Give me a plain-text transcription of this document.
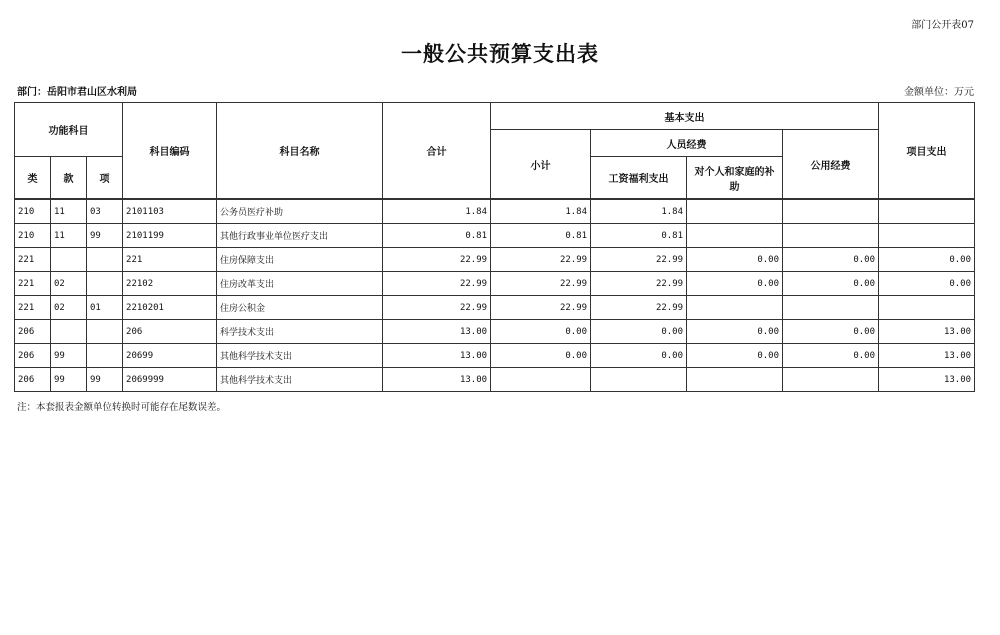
部门公开表07
一般公共预算支出表
部门：岳阳市君山区水利局	金额单位：万元
功能科目			科目编码	科目名称	合计	基本支出				项目支出
						小计	人员经费		公用经费	
类	款	项					工资福利支出	对个人和家庭的补助		

210	11	03	2101103	公务员医疗补助	1.84	1.84	1.84			
210	11	99	2101199	其他行政事业单位医疗支出	0.81	0.81	0.81			
221			221	住房保障支出	22.99	22.99	22.99	0.00	0.00	0.00
221	02		22102	住房改革支出	22.99	22.99	22.99	0.00	0.00	0.00
221	02	01	2210201	住房公积金	22.99	22.99	22.99			
206			206	科学技术支出	13.00	0.00	0.00	0.00	0.00	13.00
206	99		20699	其他科学技术支出	13.00	0.00	0.00	0.00	0.00	13.00
206	99	99	2069999	其他科学技术支出	13.00					13.00
注：本套报表金额单位转换时可能存在尾数误差。
